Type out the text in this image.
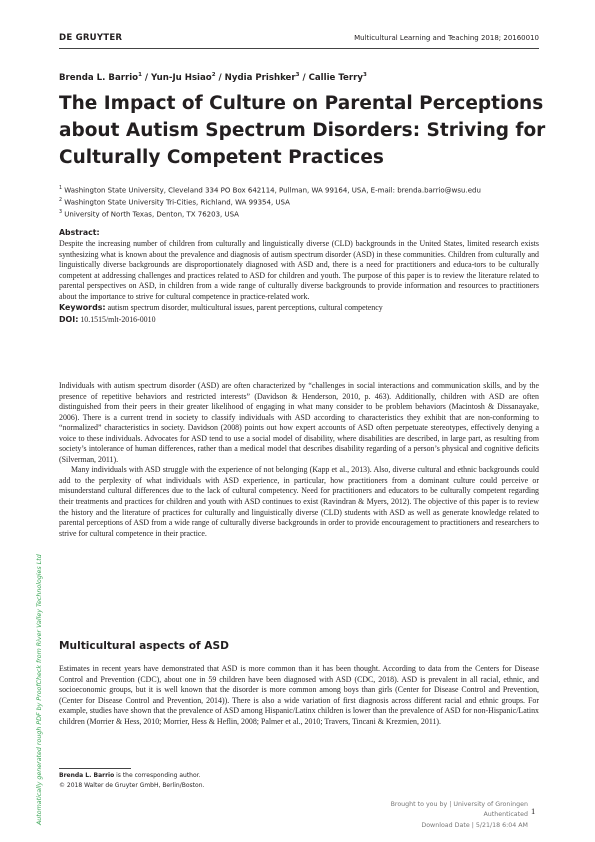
DE GRUYTER	Multicultural Learning and Teaching 2018; 20160010
Brenda L. Barrio$^1$ / Yun-Ju Hsiao$^2$ / Nydia Prishker$^3$ / Callie Terry$^3$
The Impact of Culture on Parental Perceptions
about Autism Spectrum Disorders: Striving for
Culturally Competent Practices
$^1$ Washington State University, Cleveland 334 PO Box 642114, Pullman, WA 99164, USA, E-mail: brenda.barrio@wsu.edu
$^2$ Washington State University Tri-Cities, Richland, WA 99354, USA
$^3$ University of North Texas, Denton, TX 76203, USA
Abstract:

Despite the increasing number of children from culturally and linguistically diverse (CLD) backgrounds in the United States, limited research exists synthesizing what is known about the prevalence and diagnosis of autism spectrum disorder (ASD) in these communities. Children from culturally and linguistically diverse backgrounds are disproportionately diagnosed with ASD and, there is a need for practitioners and educa-tors to be culturally competent at addressing challenges and practices related to ASD for children and youth. The purpose of this paper is to review the literature related to parental perspectives on ASD, in children from a wide range of culturally diverse backgrounds to provide information and resources to practitioners about the importance to strive for cultural competence in practice-related work.

Keywords: autism spectrum disorder, multicultural issues, parent perceptions, cultural competency

DOI: 10.1515/mlt-2016-0010

Individuals with autism spectrum disorder (ASD) are often characterized by “challenges in social interactions and communication skills, and by the presence of repetitive behaviors and restricted interests” (Davidson & Henderson, 2010, p. 463). Additionally, children with ASD are often distinguished from their peers in their greater likelihood of engaging in what many consider to be problem behaviors (Macintosh & Dissanayake, 2006). There is a current trend in society to classify individuals with ASD according to characteristics they exhibit that are non-conforming to “normalized” characteristics in society. Davidson (2008) points out how expert accounts of ASD often perpetuate stereotypes, effectively denying a voice to these individuals. Advocates for ASD tend to use a social model of disability, where disabilities are described, in large part, as resulting from society’s intolerance of human differences, rather than a medical model that describes disability regarding of a person’s physical and cognitive deficits (Silverman, 2011).

Many individuals with ASD struggle with the experience of not belonging (Kapp et al., 2013). Also, diverse cultural and ethnic backgrounds could add to the perplexity of what individuals with ASD experience, in particular, how practitioners from a dominant culture could perceive or misunderstand cultural differences due to the lack of cultural competency. Need for practitioners and educators to be culturally competent regarding their treatments and practices for children and youth with ASD continues to exist (Ravindran & Myers, 2012). The objective of this paper is to review the history and the literature of practices for culturally and linguistically diverse (CLD) students with ASD as well as generate knowledge related to parental perceptions of ASD from a wide range of culturally diverse backgrounds in order to provide encouragement to practitioners and researchers to strive for cultural competence in their practice.

Multicultural aspects of ASD

Estimates in recent years have demonstrated that ASD is more common than it has been thought. According to data from the Centers for Disease Control and Prevention (CDC), about one in 59 children have been diagnosed with ASD (CDC, 2018). ASD is prevalent in all racial, ethnic, and socioeconomic groups, but it is well known that the disorder is more common among boys than girls (Center for Disease Control and Prevention, (Center for Disease Control and Prevention, 2014)). There is also a wide variation of first diagnosis across different racial and ethnic groups. For example, studies have shown that the prevalence of ASD among Hispanic/Latinx children is lower than the prevalence of ASD for non-Hispanic/Latinx children (Morrier & Hess, 2010; Morrier, Hess & Heflin, 2008; Palmer et al., 2010; Travers, Tincani & Krezmien, 2011).

Brenda L. Barrio is the corresponding author.
© 2018 Walter de Gruyter GmbH, Berlin/Boston.
Brought to you by | University of Groningen
Authenticated
Download Date | 5/21/18 6:04 AM
1
Automatically generated rough PDF by ProofCheck from River Valley Technologies Ltd
